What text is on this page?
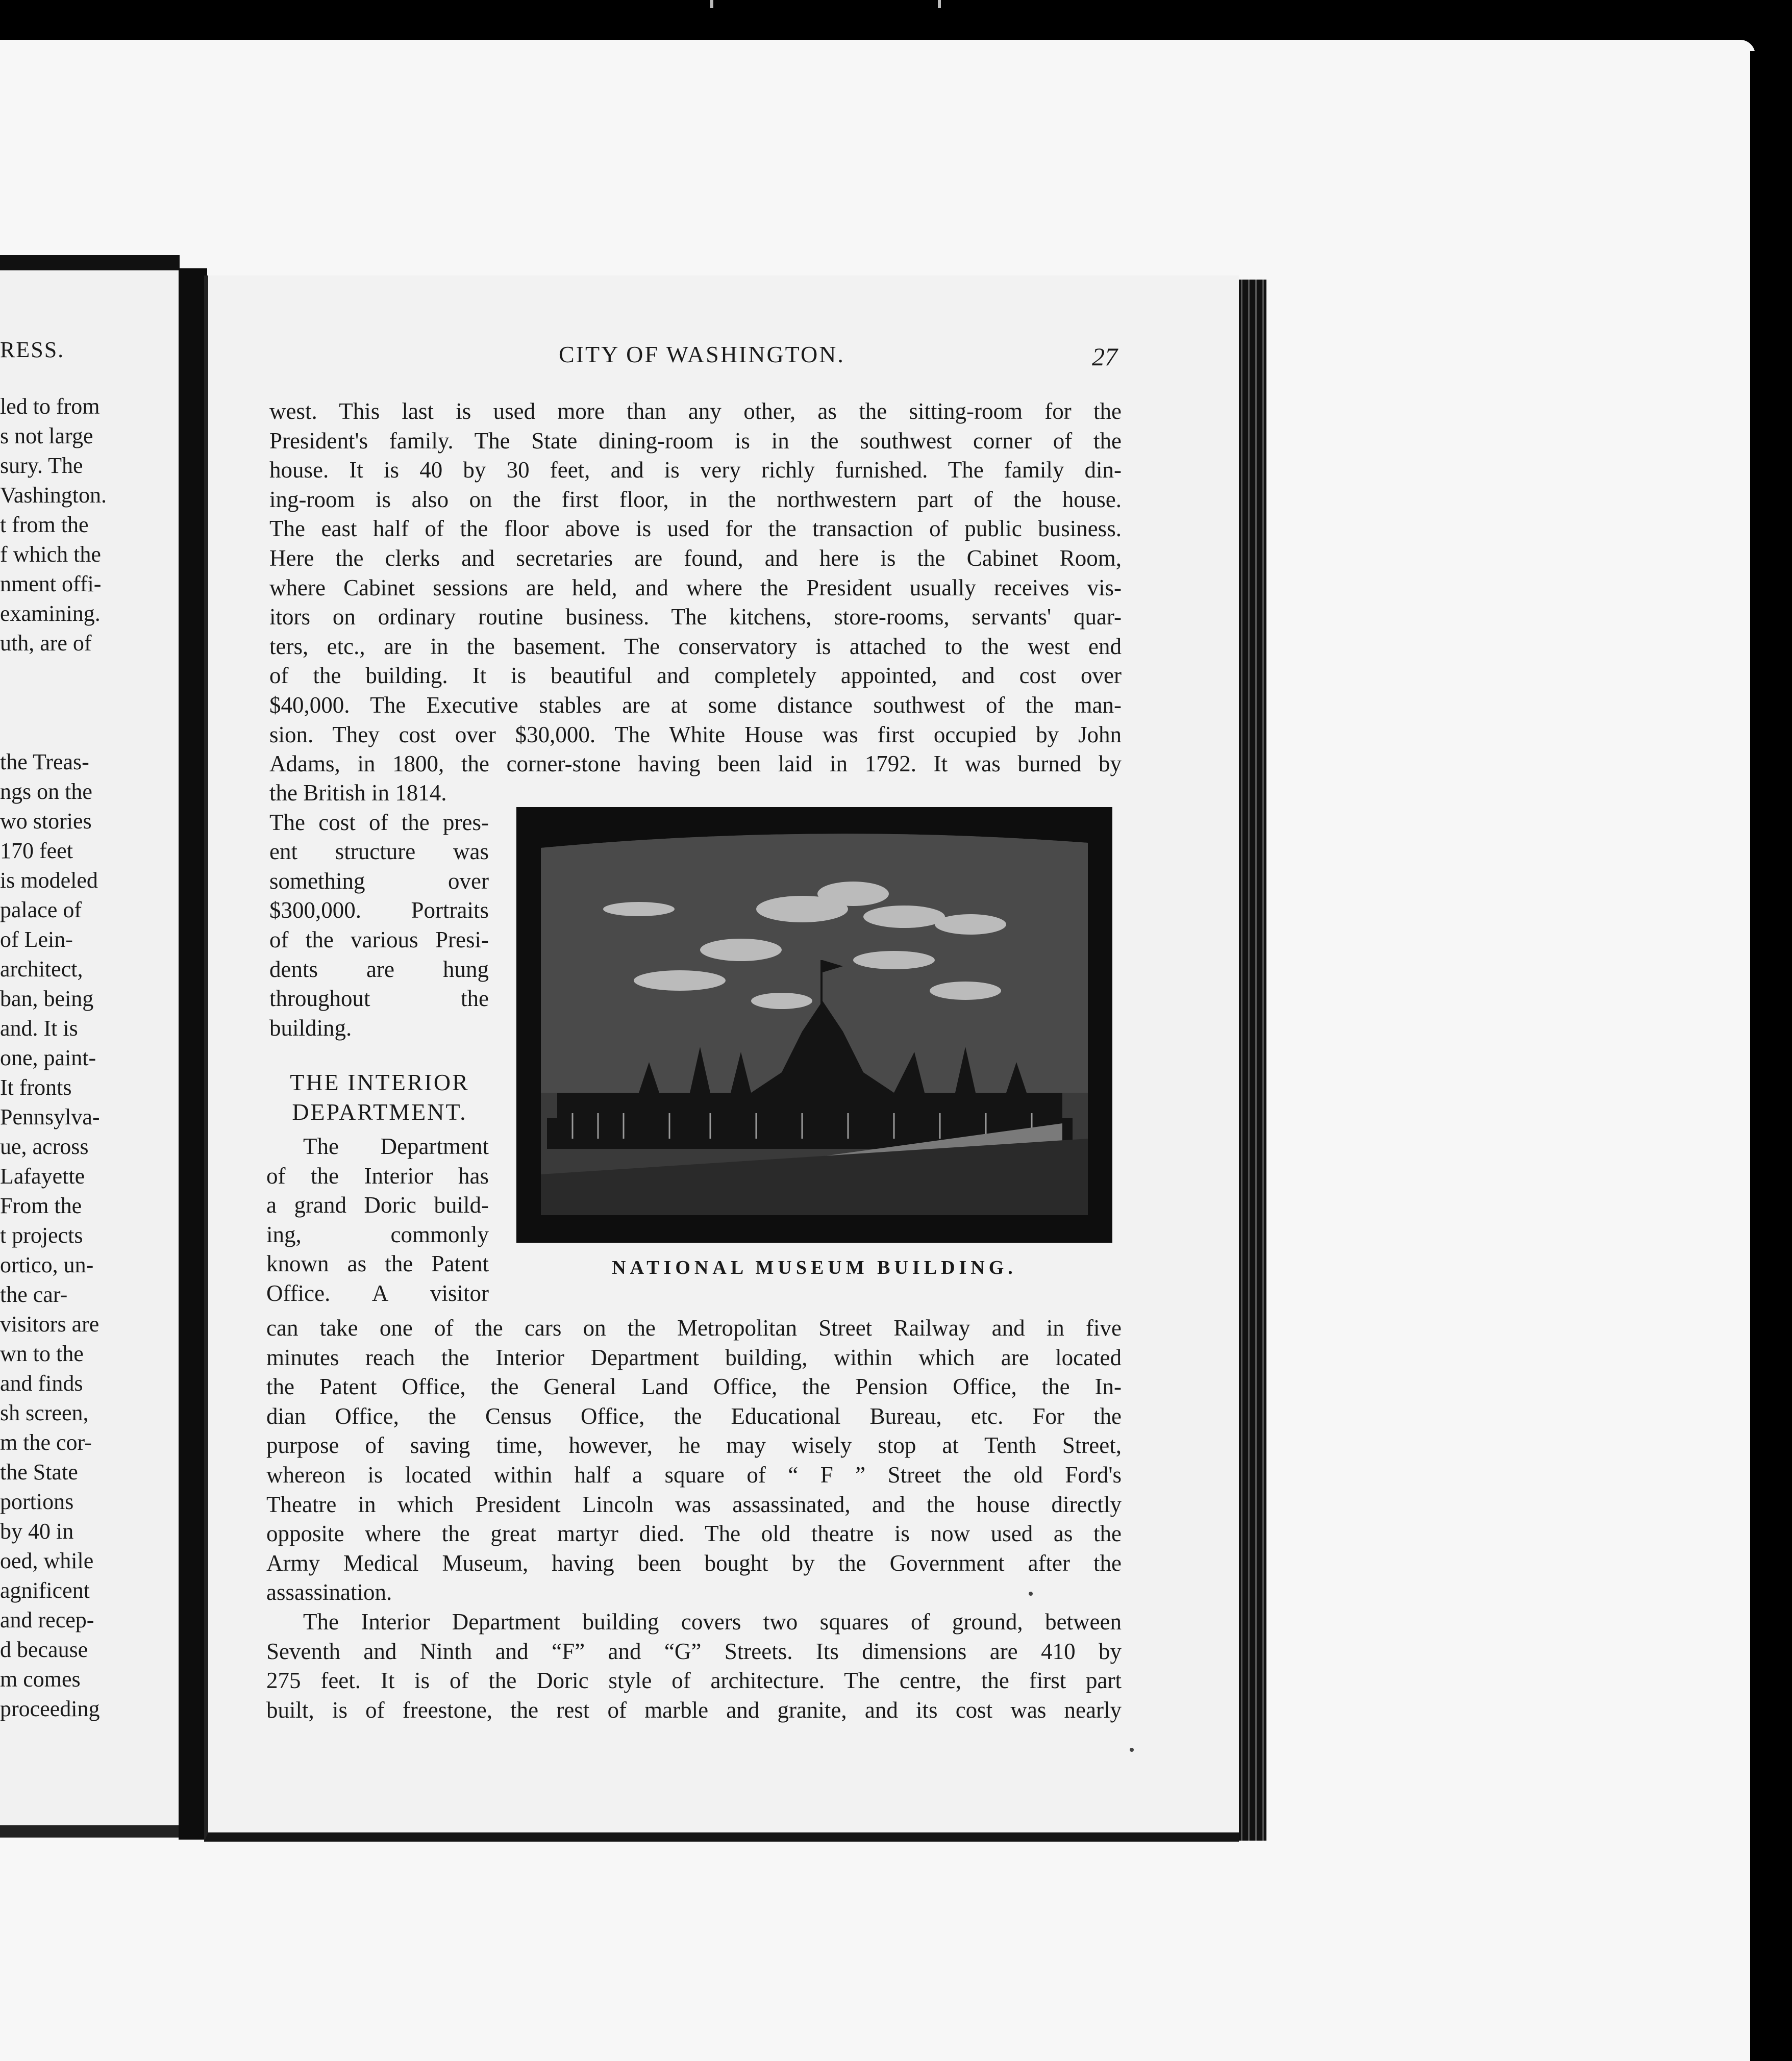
RESS.
led to from
s not large
sury. The
Vashington.
t from the
f which the
nment offi-
examining.
uth, are of
the Treas-
ngs on the
wo stories
170 feet
is modeled
palace of
of Lein-
architect,
ban, being
and. It is
one, paint-
It fronts
Pennsylva-
ue, across
Lafayette
From the
t projects
ortico, un-
the car-
visitors are
wn to the
and finds
sh screen,
m the cor-
the State
portions
by 40 in
oed, while
agnificent
and recep-
d because
m comes
proceeding
CITY OF WASHINGTON.	27
west. This last is used more than any other, as the sitting-room for the
President's family. The State dining-room is in the southwest corner of the
house. It is 40 by 30 feet, and is very richly furnished. The family din-
ing-room is also on the first floor, in the northwestern part of the house.
The east half of the floor above is used for the transaction of public business.
Here the clerks and secretaries are found, and here is the Cabinet Room,
where Cabinet sessions are held, and where the President usually receives vis-
itors on ordinary routine business. The kitchens, store-rooms, servants' quar-
ters, etc., are in the basement. The conservatory is attached to the west end
of the building. It is beautiful and completely appointed, and cost over
$40,000. The Executive stables are at some distance southwest of the man-
sion. They cost over $30,000. The White House was first occupied by John
Adams, in 1800, the corner-stone having been laid in 1792. It was burned by
the British in 1814.
The cost of the pres-
ent structure was
something over
$300,000. Portraits
of the various Presi-
dents are hung
throughout the
building.
THE INTERIOR
DEPARTMENT.
The Department
of the Interior has
a grand Doric build-
ing, commonly
known as the Patent
Office. A visitor
can take one of the cars on the Metropolitan Street Railway and in five
minutes reach the Interior Department building, within which are located
the Patent Office, the General Land Office, the Pension Office, the In-
dian Office, the Census Office, the Educational Bureau, etc. For the
purpose of saving time, however, he may wisely stop at Tenth Street,
whereon is located within half a square of “ F ” Street the old Ford's
Theatre in which President Lincoln was assassinated, and the house directly
opposite where the great martyr died. The old theatre is now used as the
Army Medical Museum, having been bought by the Government after the
assassination.
The Interior Department building covers two squares of ground, between
Seventh and Ninth and “F” and “G” Streets. Its dimensions are 410 by
275 feet. It is of the Doric style of architecture. The centre, the first part
built, is of freestone, the rest of marble and granite, and its cost was nearly
NATIONAL MUSEUM BUILDING.
